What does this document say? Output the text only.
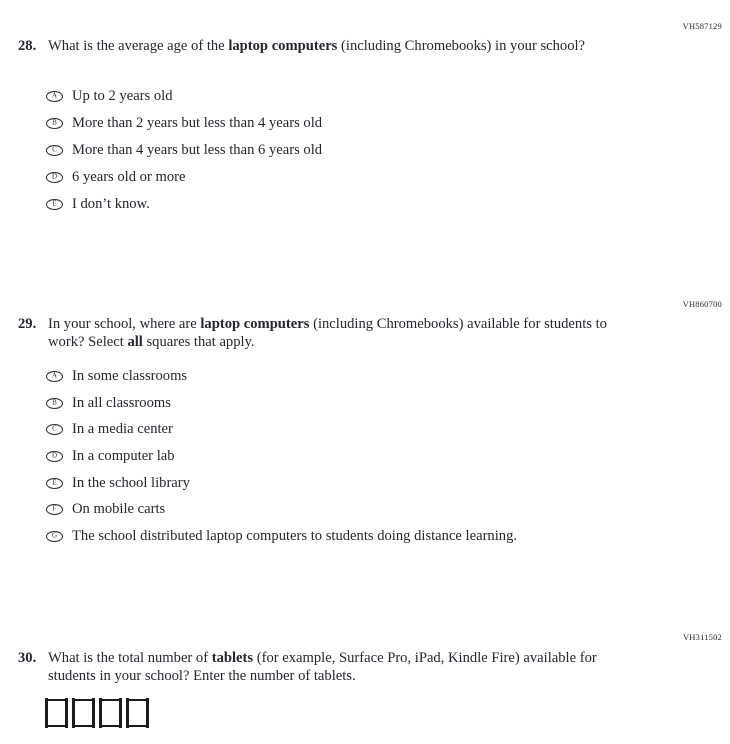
VH587129
VH860700
VH311502
28. What is the average age of the laptop computers (including Chromebooks) in your school?
A Up to 2 years old
B More than 2 years but less than 4 years old
C More than 4 years but less than 6 years old
D 6 years old or more
E I don’t know.
29. In your school, where are laptop computers (including Chromebooks) available for students to work? Select all squares that apply.
A In some classrooms
B In all classrooms
C In a media center
D In a computer lab
E In the school library
F On mobile carts
G The school distributed laptop computers to students doing distance learning.
30. What is the total number of tablets (for example, Surface Pro, iPad, Kindle Fire) available for students in your school? Enter the number of tablets.
